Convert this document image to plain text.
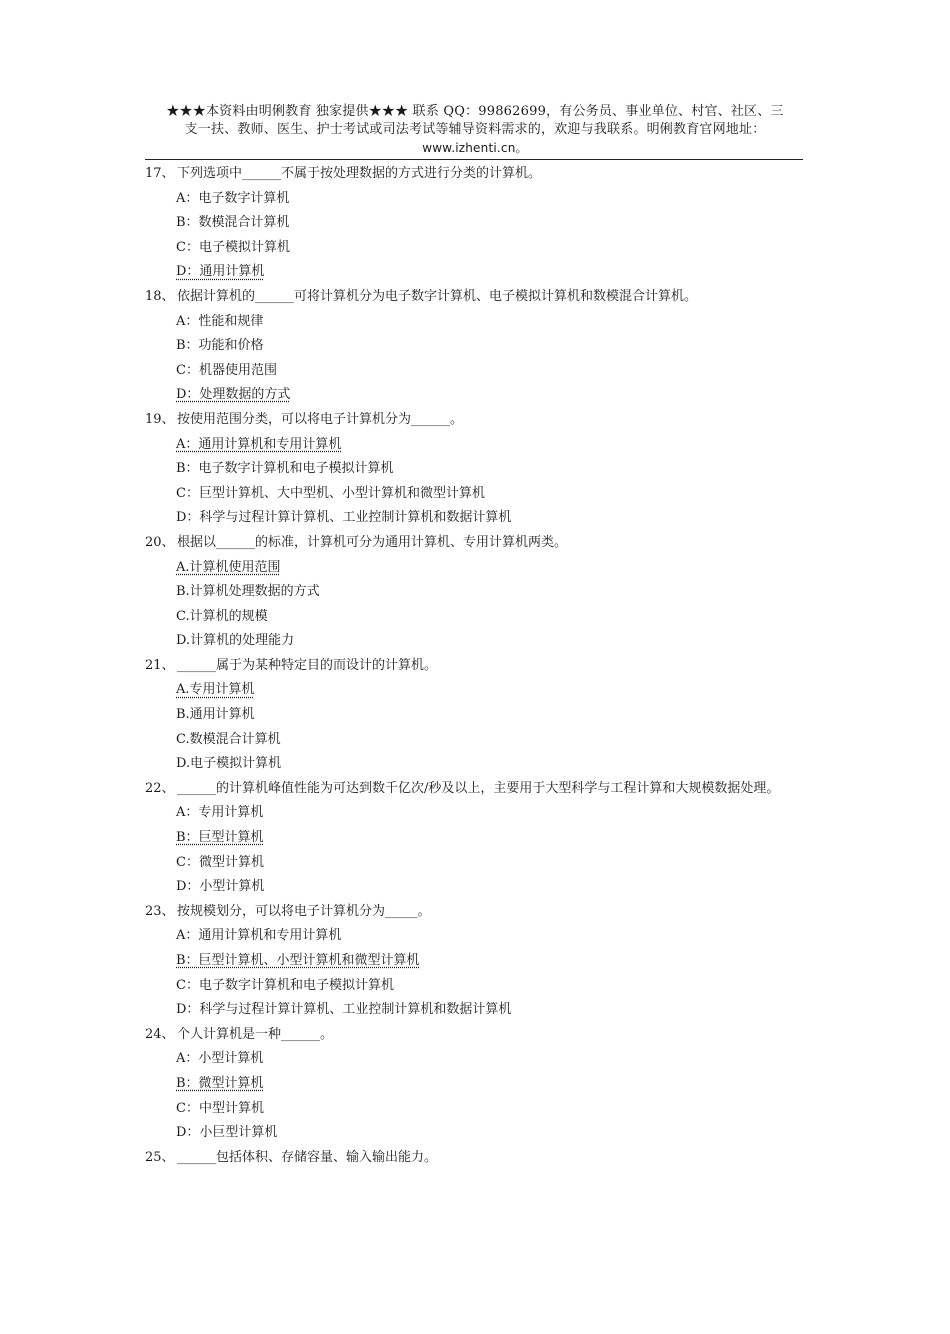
★★★本资料由明俐教育 独家提供★★★ 联系 QQ：99862699，有公务员、事业单位、村官、社区、三
支一扶、教师、医生、护士考试或司法考试等辅导资料需求的，欢迎与我联系。明俐教育官网地址：
www.izhenti.cn。
17、 下列选项中______不属于按处理数据的方式进行分类的计算机。
A：电子数字计算机
B：数模混合计算机
C：电子模拟计算机
D：通用计算机
18、 依据计算机的______可将计算机分为电子数字计算机、电子模拟计算机和数模混合计算机。
A：性能和规律
B：功能和价格
C：机器使用范围
D：处理数据的方式
19、 按使用范围分类，可以将电子计算机分为______。
A：通用计算机和专用计算机
B：电子数字计算机和电子模拟计算机
C：巨型计算机、大中型机、小型计算机和微型计算机
D：科学与过程计算计算机、工业控制计算机和数据计算机
20、 根据以______的标准，计算机可分为通用计算机、专用计算机两类。
A.计算机使用范围
B.计算机处理数据的方式
C.计算机的规模
D.计算机的处理能力
21、 ______属于为某种特定目的而设计的计算机。
A.专用计算机
B.通用计算机
C.数模混合计算机
D.电子模拟计算机
22、 ______的计算机峰值性能为可达到数千亿次/秒及以上，主要用于大型科学与工程计算和大规模数据处理。
A：专用计算机
B：巨型计算机
C：微型计算机
D：小型计算机
23、 按规模划分，可以将电子计算机分为_____。
A：通用计算机和专用计算机
B：巨型计算机、小型计算机和微型计算机
C：电子数字计算机和电子模拟计算机
D：科学与过程计算计算机、工业控制计算机和数据计算机
24、 个人计算机是一种______。
A：小型计算机
B：微型计算机
C：中型计算机
D：小巨型计算机
25、 ______包括体积、存储容量、输入输出能力。
